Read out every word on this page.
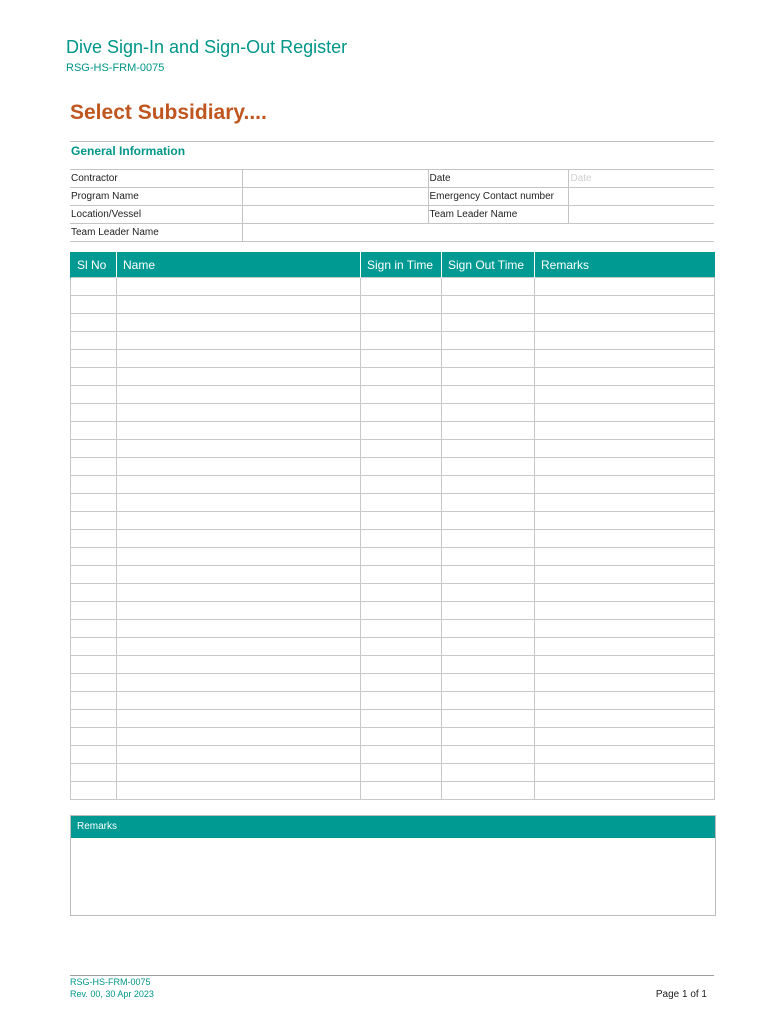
Dive Sign-In and Sign-Out Register
RSG-HS-FRM-0075
Select Subsidiary....
General Information
Contractor		Date	Date
Program Name		Emergency Contact number	
Location/Vessel		Team Leader Name	
Team Leader Name			
Sl No	Name	Sign in Time	Sign Out Time	Remarks

Remarks
RSG-HS-FRM-0075
Rev. 00, 30 Apr 2023	Page 1 of 1
